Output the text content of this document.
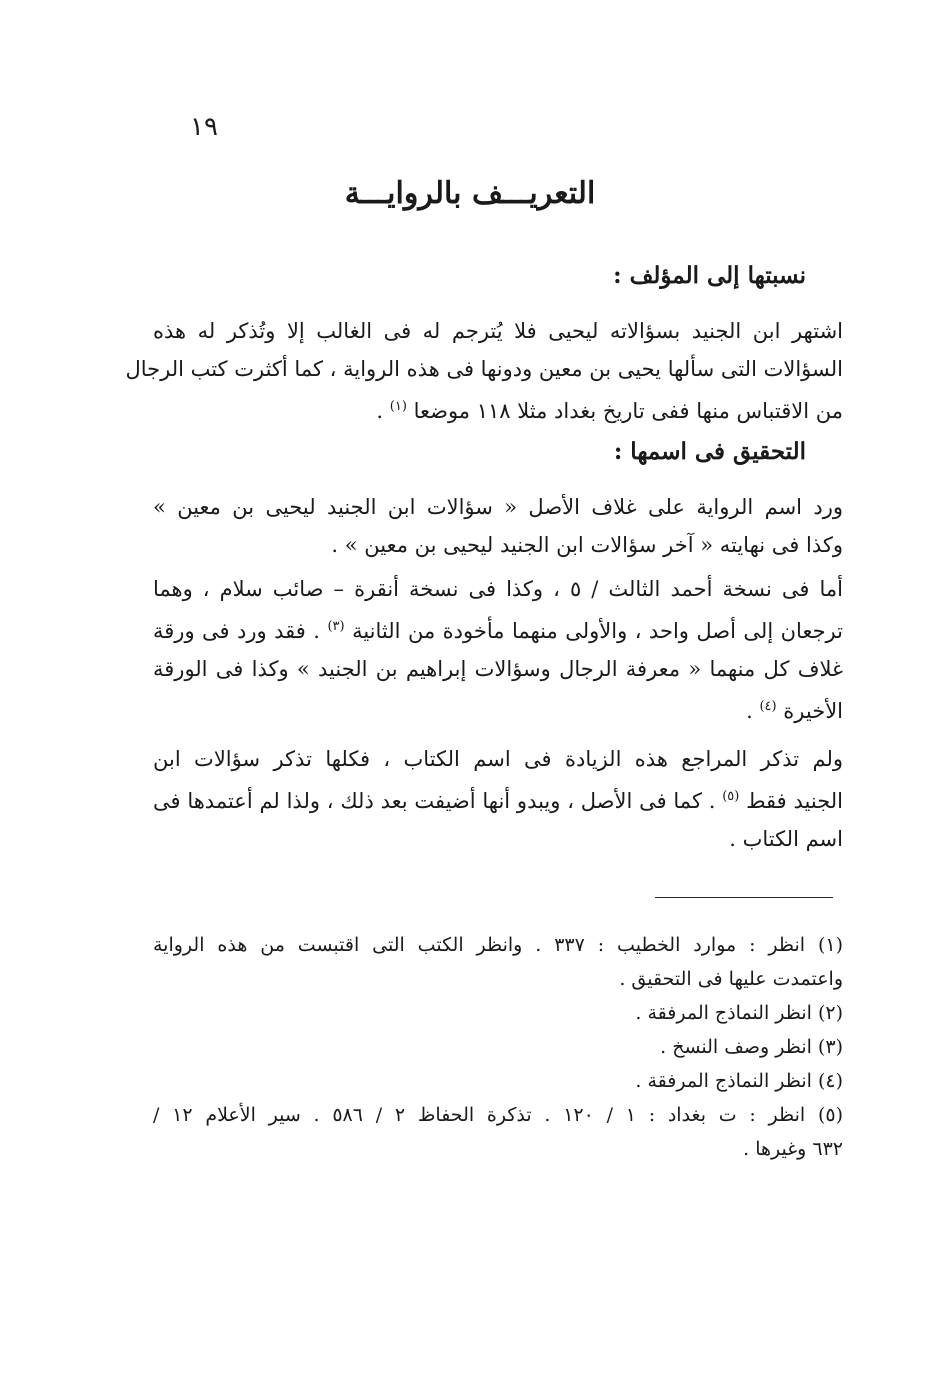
١٩
التعريـــف بالروايـــة
نسبتها إلى المؤلف :
اشتهر ابن الجنيد بسؤالاته ليحيى فلا يُترجم له فى الغالب إلا وتُذكر له هذه
السؤالات التى سألها يحيى بن معين ودونها فى هذه الرواية ، كما أكثرت كتب الرجال
من الاقتباس منها ففى تاريخ بغداد مثلا ١١٨ موضعا $^{(١)}$ .
التحقيق فى اسمها :
ورد اسم الرواية على غلاف الأصل « سؤالات ابن الجنيد ليحيى بن معين »
وكذا فى نهايته « آخر سؤالات ابن الجنيد ليحيى بن معين » .
أما فى نسخة أحمد الثالث / ٥ ، وكذا فى نسخة أنقرة – صائب سلام ، وهما
ترجعان إلى أصل واحد ، والأولى منهما مأخودة من الثانية $^{(٣)}$ . فقد ورد فى ورقة
غلاف كل منهما « معرفة الرجال وسؤالات إبراهيم بن الجنيد » وكذا فى الورقة
الأخيرة $^{(٤)}$ .
ولم تذكر المراجع هذه الزيادة فى اسم الكتاب ، فكلها تذكر سؤالات ابن
الجنيد فقط $^{(٥)}$ . كما فى الأصل ، ويبدو أنها أضيفت بعد ذلك ، ولذا لم أعتمدها فى
اسم الكتاب .
(١) انظر : موارد الخطيب : ٣٣٧ . وانظر الكتب التى اقتبست من هذه الرواية
واعتمدت عليها فى التحقيق .
(٢) انظر النماذج المرفقة .
(٣) انظر وصف النسخ .
(٤) انظر النماذج المرفقة .
(٥) انظر : ت بغداد : ١ / ١٢٠ . تذكرة الحفاظ ٢ / ٥٨٦ . سير الأعلام ١٢ /
٦٣٢ وغيرها .
